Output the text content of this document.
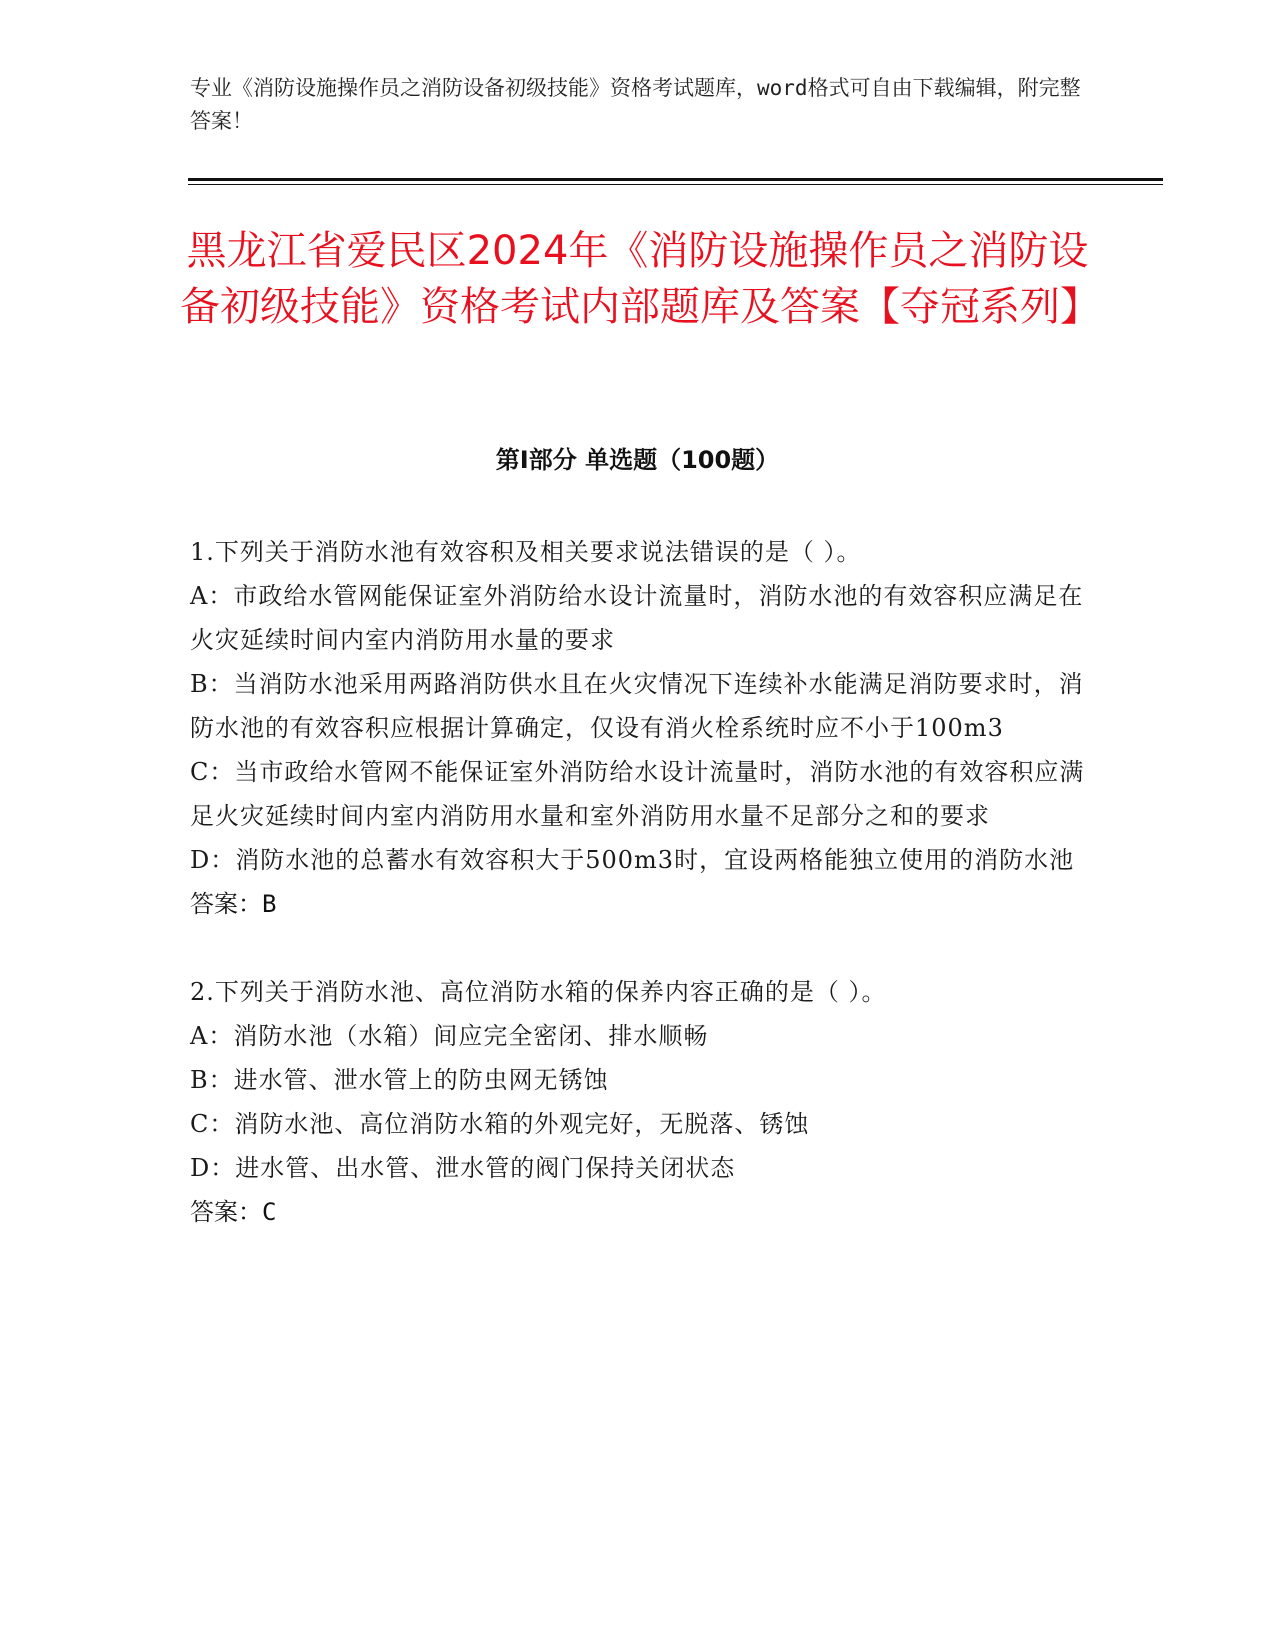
专业《消防设施操作员之消防设备初级技能》资格考试题库，word格式可自由下载编辑，附完整答案！
黑龙江省爱民区2024年《消防设施操作员之消防设备初级技能》资格考试内部题库及答案【夺冠系列】
第Ⅰ部分 单选题（100题）
1.下列关于消防水池有效容积及相关要求说法错误的是（ ）。
A：市政给水管网能保证室外消防给水设计流量时，消防水池的有效容积应满足在火灾延续时间内室内消防用水量的要求
B：当消防水池采用两路消防供水且在火灾情况下连续补水能满足消防要求时，消防水池的有效容积应根据计算确定，仅设有消火栓系统时应不小于100m3
C：当市政给水管网不能保证室外消防给水设计流量时，消防水池的有效容积应满足火灾延续时间内室内消防用水量和室外消防用水量不足部分之和的要求
D：消防水池的总蓄水有效容积大于500m3时，宜设两格能独立使用的消防水池
答案：B
2.下列关于消防水池、高位消防水箱的保养内容正确的是（ ）。
A：消防水池（水箱）间应完全密闭、排水顺畅
B：进水管、泄水管上的防虫网无锈蚀
C：消防水池、高位消防水箱的外观完好，无脱落、锈蚀
D：进水管、出水管、泄水管的阀门保持关闭状态
答案：C
